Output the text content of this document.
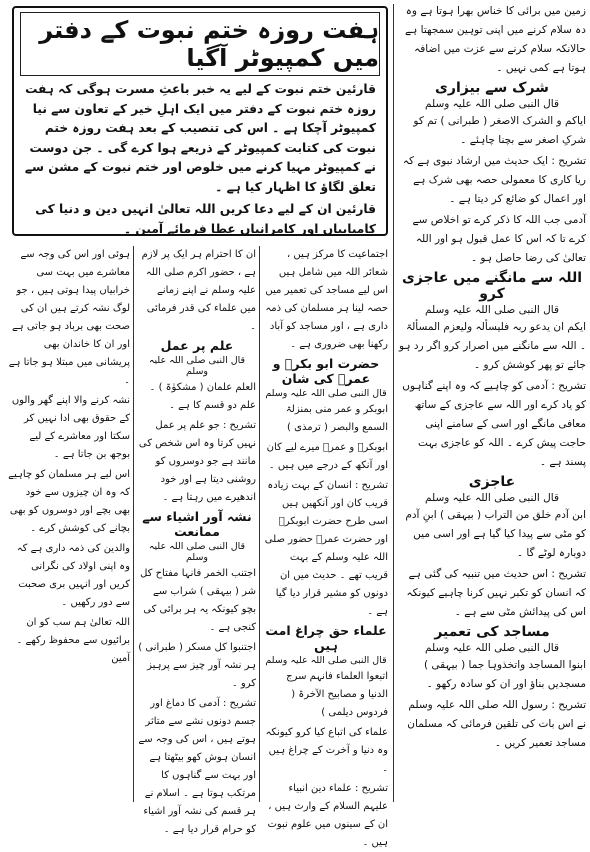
زمین میں برائی کا خناس بھرا ہوتا ہے وہ دہ سلام کرنے میں اپنی توہین سمجھتا ہے حالانکہ سلام کرنے سے عزت میں اضافہ ہوتا ہے کمی نہیں ۔

شرک سے بیزاری

قال النبی صلی اللہ علیہ وسلم

ایاکم و الشرک الاصغر ( طبرانی ) تم کو شرکِ اصغر سے بچنا چاہئے ۔

تشریح : ایک حدیث میں ارشاد نبوی ہے کہ ریا کاری کا معمولی حصہ بھی شرک ہے اور اعمال کو ضائع کر دیتا ہے ۔

آدمی جب اللہ کا ذکر کرے تو اخلاص سے کرے تا کہ اس کا عمل قبول ہو اور اللہ تعالیٰ کی رضا حاصل ہو ۔

اللہ سے مانگنے میں عاجزی کرو

قال النبی صلی اللہ علیہ وسلم

ایکم ان یدعو ربہ فلیسألہ ولیعزم المسألۃ ۔ اللہ سے مانگنے میں اصرار کرو اگر رد ہو جائے تو پھر کوشش کرو ۔

تشریح : آدمی کو چاہیے کہ وہ اپنے گناہوں کو یاد کرے اور اللہ سے عاجزی کے ساتھ معافی مانگے اور اسی کے سامنے اپنی حاجت پیش کرے ۔ اللہ کو عاجزی بہت پسند ہے ۔

عاجزی

قال النبی صلی اللہ علیہ وسلم

ابن آدم خلق من التراب ( بیہقی ) ابنِ آدم کو مٹی سے پیدا کیا گیا ہے اور اسی میں دوبارہ لوٹے گا ۔

تشریح : اس حدیث میں تنبیہ کی گئی ہے کہ انسان کو تکبر نہیں کرنا چاہیے کیونکہ اس کی پیدائش مٹی سے ہے ۔

مساجد کی تعمیر

قال النبی صلی اللہ علیہ وسلم

ابنوا المساجد واتخذوہا جما ( بیہقی ) مسجدیں بناؤ اور ان کو سادہ رکھو ۔

تشریح : رسول اللہ صلی اللہ علیہ وسلم نے اس بات کی تلقین فرمائی کہ مسلمان مساجد تعمیر کریں ۔

ہفت روزہ ختم نبوت کے دفتر میں کمپیوٹر آگیا

قارئین ختم نبوت کے لیے یہ خبر باعثِ مسرت ہوگی کہ ہفت روزہ ختم نبوت کے دفتر میں ایک اہلِ خیر کے تعاون سے نیا کمپیوٹر آچکا ہے ۔ اس کی تنصیب کے بعد ہفت روزہ ختم نبوت کی کتابت کمپیوٹر کے ذریعے ہوا کرے گی ۔ جن دوست نے کمپیوٹر مہیا کرنے میں خلوص اور ختم نبوت کے مشن سے تعلق لگاؤ کا اظہار کیا ہے ۔

قارئین ان کے لیے دعا کریں اللہ تعالیٰ انہیں دین و دنیا کی کامیابیاں اور کامرانیاں عطا فرمائے آمین ۔

اجتماعیت کا مرکز ہیں ، شعائر اللہ میں شامل ہیں اس لیے مساجد کی تعمیر میں حصہ لینا ہر مسلمان کی ذمہ داری ہے ، اور مساجد کو آباد رکھنا بھی ضروری ہے ۔

حضرت ابو بکرؓ و عمرؓ کی شان

قال النبی صلی اللہ علیہ وسلم

ابوبکر و عمر منی بمنزلۃ السمع والبصر ( ترمذی )

ابوبکرؓ و عمرؓ میرے لیے کان اور آنکھ کے درجے میں ہیں ۔

تشریح : انسان کے بہت زیادہ قریب کان اور آنکھیں ہیں اسی طرح حضرت ابوبکرؓ اور حضرت عمرؓ حضور صلی اللہ علیہ وسلم کے بہت قریب تھے ۔ حدیث میں ان دونوں کو مشیر قرار دیا گیا ہے ۔

علماء حق چراغ امت ہیں

قال النبی صلی اللہ علیہ وسلم

اتبعوا العلماء فانہم سرج الدنیا و مصابیح الآخرۃ ( فردوس دیلمی )

علماء کی اتباع کیا کرو کیونکہ وہ دنیا و آخرت کے چراغ ہیں ۔

تشریح : علماء دین انبیاء علیہم السلام کے وارث ہیں ، ان کے سینوں میں علوم نبوت ہیں ۔

ان کا احترام ہر ایک پر لازم ہے ، حضور اکرم صلی اللہ علیہ وسلم نے اپنے زمانے میں علماء کی قدر فرمائی ۔

علم پر عمل

قال النبی صلی اللہ علیہ وسلم

العلم علمان ( مشکوٰۃ ) ۔ علم دو قسم کا ہے ۔

تشریح : جو علم پر عمل نہیں کرتا وہ اس شخص کی مانند ہے جو دوسروں کو روشنی دیتا ہے اور خود اندھیرے میں رہتا ہے ۔

نشہ آور اشیاء سے ممانعت

قال النبی صلی اللہ علیہ وسلم

اجتنب الخمر فانہا مفتاح کل شر ( بیہقی ) شراب سے بچو کیونکہ یہ ہر برائی کی کنجی ہے ۔

اجتنبوا کل مسکر ( طبرانی ) ہر نشہ آور چیز سے پرہیز کرو ۔

تشریح : آدمی کا دماغ اور جسم دونوں نشے سے متاثر ہوتے ہیں ، اس کی وجہ سے انسان ہوش کھو بیٹھتا ہے اور بہت سے گناہوں کا مرتکب ہوتا ہے ۔ اسلام نے ہر قسم کی نشہ آور اشیاء کو حرام قرار دیا ہے ۔

ہوئی اور اس کی وجہ سے معاشرے میں بہت سی خرابیاں پیدا ہوتی ہیں ، جو لوگ نشہ کرتے ہیں ان کی صحت بھی برباد ہو جاتی ہے اور ان کا خاندان بھی پریشانی میں مبتلا ہو جاتا ہے ۔

نشہ کرنے والا اپنے گھر والوں کے حقوق بھی ادا نہیں کر سکتا اور معاشرے کے لیے بوجھ بن جاتا ہے ۔

اس لیے ہر مسلمان کو چاہیے کہ وہ ان چیزوں سے خود بھی بچے اور دوسروں کو بھی بچانے کی کوشش کرے ۔

والدین کی ذمہ داری ہے کہ وہ اپنی اولاد کی نگرانی کریں اور انہیں بری صحبت سے دور رکھیں ۔

اللہ تعالیٰ ہم سب کو ان برائیوں سے محفوظ رکھے ۔ آمین
